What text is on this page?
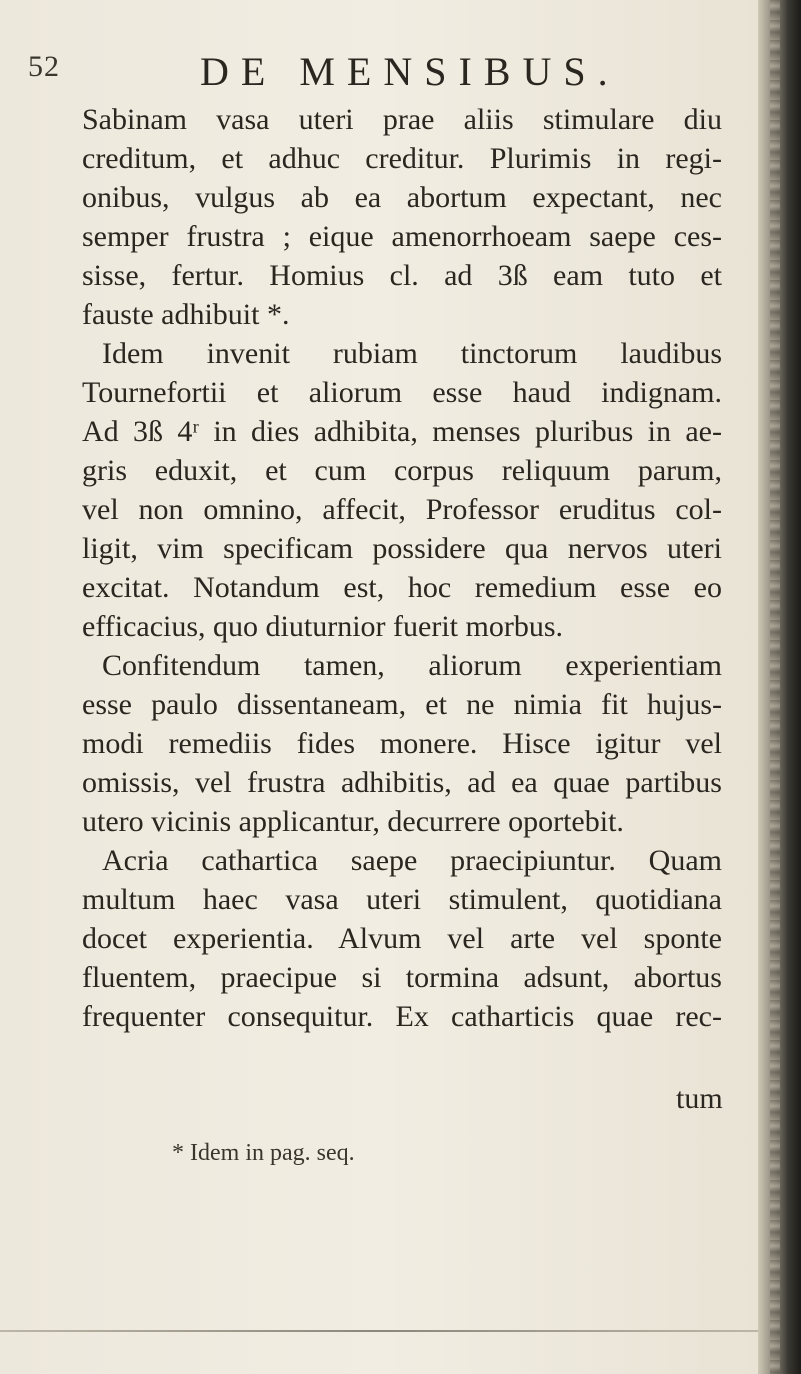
52	DE MENSIBUS.
Sabinam vasa uteri prae aliis stimulare diu
creditum, et adhuc creditur. Plurimis in regi-
onibus, vulgus ab ea abortum expectant, nec
semper frustra ; eique amenorrhoeam saepe ces-
sisse, fertur. Homius cl. ad 3ß eam tuto et
fauste adhibuit *.
Idem invenit rubiam tinctorum laudibus
Tournefortii et aliorum esse haud indignam.
Ad 3ß 4ʳ in dies adhibita, menses pluribus in ae-
gris eduxit, et cum corpus reliquum parum,
vel non omnino, affecit, Professor eruditus col-
ligit, vim specificam possidere qua nervos uteri
excitat. Notandum est, hoc remedium esse eo
efficacius, quo diuturnior fuerit morbus.
Confitendum tamen, aliorum experientiam
esse paulo dissentaneam, et ne nimia fit hujus-
modi remediis fides monere. Hisce igitur vel
omissis, vel frustra adhibitis, ad ea quae partibus
utero vicinis applicantur, decurrere oportebit.
Acria cathartica saepe praecipiuntur. Quam
multum haec vasa uteri stimulent, quotidiana
docet experientia. Alvum vel arte vel sponte
fluentem, praecipue si tormina adsunt, abortus
frequenter consequitur. Ex catharticis quae rec-
tum
* Idem in pag. seq.
